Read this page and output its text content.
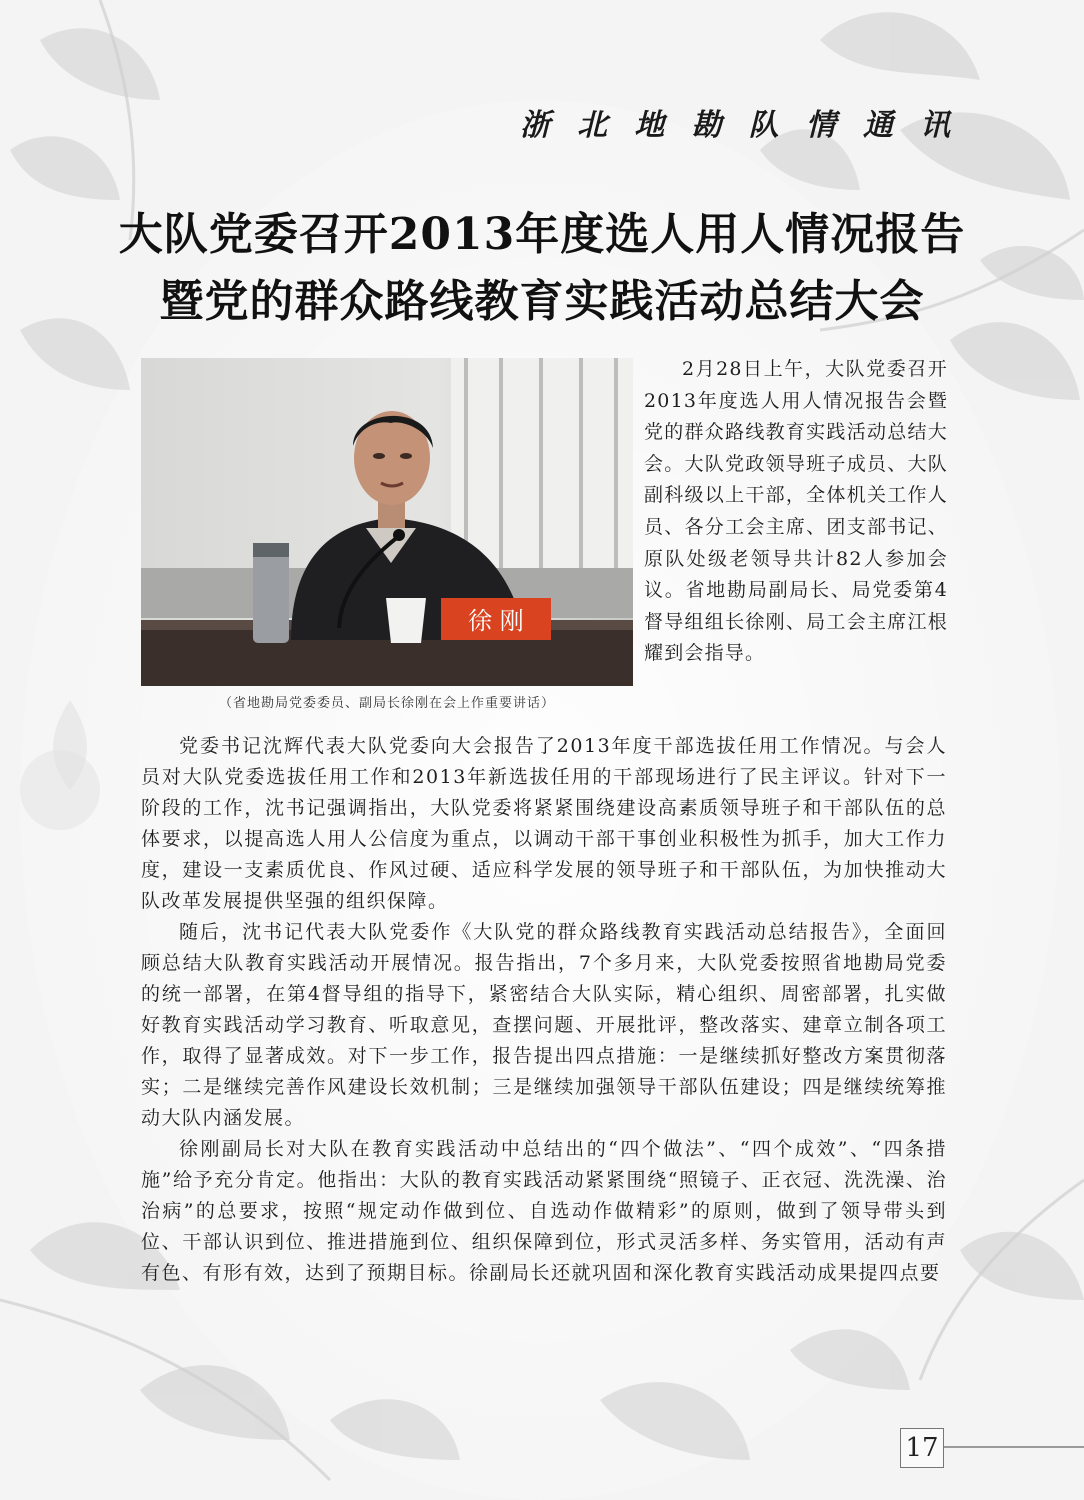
浙 北 地 勘 队 情 通 讯
大队党委召开2013年度选人用人情况报告
暨党的群众路线教育实践活动总结大会
徐 刚
（省地勘局党委委员、副局长徐刚在会上作重要讲话）

2月28日上午，大队党委召开2013年度选人用人情况报告会暨党的群众路线教育实践活动总结大会。大队党政领导班子成员、大队副科级以上干部，全体机关工作人员、各分工会主席、团支部书记、原队处级老领导共计82人参加会议。省地勘局副局长、局党委第4督导组组长徐刚、局工会主席江根耀到会指导。

党委书记沈辉代表大队党委向大会报告了2013年度干部选拔任用工作情况。与会人员对大队党委选拔任用工作和2013年新选拔任用的干部现场进行了民主评议。针对下一阶段的工作，沈书记强调指出，大队党委将紧紧围绕建设高素质领导班子和干部队伍的总体要求，以提高选人用人公信度为重点，以调动干部干事创业积极性为抓手，加大工作力度，建设一支素质优良、作风过硬、适应科学发展的领导班子和干部队伍，为加快推动大队改革发展提供坚强的组织保障。

随后，沈书记代表大队党委作《大队党的群众路线教育实践活动总结报告》，全面回顾总结大队教育实践活动开展情况。报告指出，7个多月来，大队党委按照省地勘局党委的统一部署，在第4督导组的指导下，紧密结合大队实际，精心组织、周密部署，扎实做好教育实践活动学习教育、听取意见，查摆问题、开展批评，整改落实、建章立制各项工作，取得了显著成效。对下一步工作，报告提出四点措施：一是继续抓好整改方案贯彻落实；二是继续完善作风建设长效机制；三是继续加强领导干部队伍建设；四是继续统筹推动大队内涵发展。

徐刚副局长对大队在教育实践活动中总结出的“四个做法”、“四个成效”、“四条措施”给予充分肯定。他指出：大队的教育实践活动紧紧围绕“照镜子、正衣冠、洗洗澡、治治病”的总要求，按照“规定动作做到位、自选动作做精彩”的原则，做到了领导带头到位、干部认识到位、推进措施到位、组织保障到位，形式灵活多样、务实管用，活动有声有色、有形有效，达到了预期目标。徐副局长还就巩固和深化教育实践活动成果提四点要

17
